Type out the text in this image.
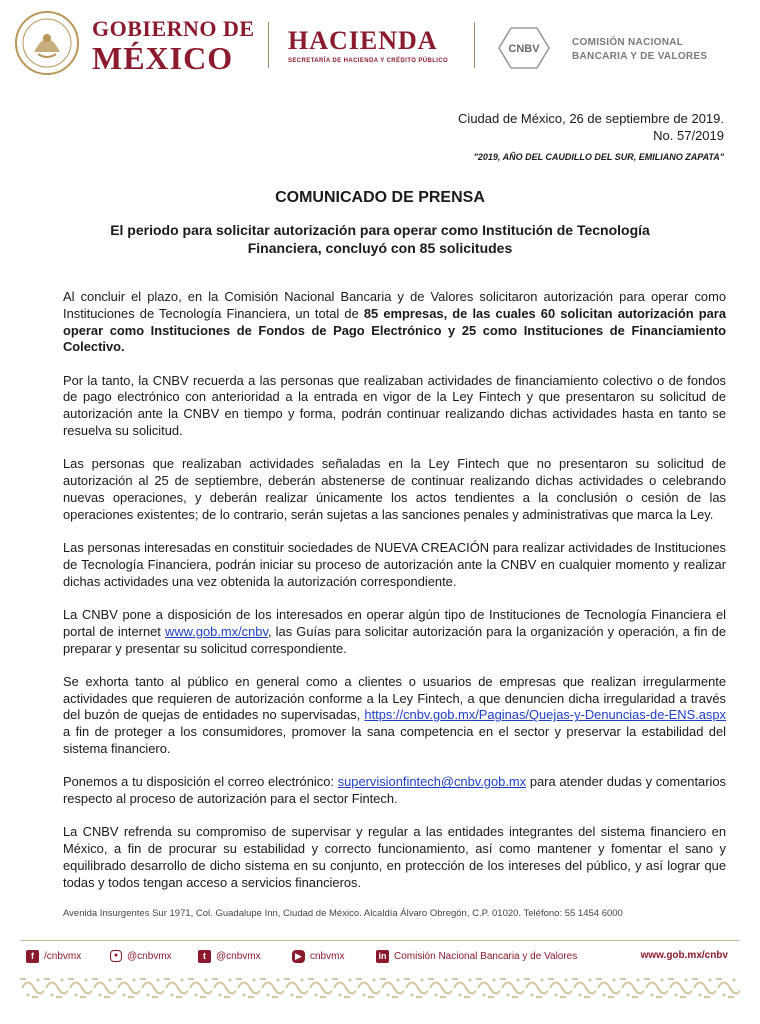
GOBIERNO DE
MÉXICO	HACIENDA
SECRETARÍA DE HACIENDA Y CRÉDITO PÚBLICO
CNBV
COMISIÓN NACIONAL
BANCARIA Y DE VALORES
Ciudad de México, 26 de septiembre de 2019.
No. 57/2019
"2019, AÑO DEL CAUDILLO DEL SUR, EMILIANO ZAPATA"
COMUNICADO DE PRENSA
El periodo para solicitar autorización para operar como Institución de Tecnología Financiera, concluyó con 85 solicitudes

Al concluir el plazo, en la Comisión Nacional Bancaria y de Valores solicitaron autorización para operar como Instituciones de Tecnología Financiera, un total de 85 empresas, de las cuales 60 solicitan autorización para operar como Instituciones de Fondos de Pago Electrónico y 25 como Instituciones de Financiamiento Colectivo.

Por la tanto, la CNBV recuerda a las personas que realizaban actividades de financiamiento colectivo o de fondos de pago electrónico con anterioridad a la entrada en vigor de la Ley Fintech y que presentaron su solicitud de autorización ante la CNBV en tiempo y forma, podrán continuar realizando dichas actividades hasta en tanto se resuelva su solicitud.

Las personas que realizaban actividades señaladas en la Ley Fintech que no presentaron su solicitud de autorización al 25 de septiembre, deberán abstenerse de continuar realizando dichas actividades o celebrando nuevas operaciones, y deberán realizar únicamente los actos tendientes a la conclusión o cesión de las operaciones existentes; de lo contrario, serán sujetas a las sanciones penales y administrativas que marca la Ley.

Las personas interesadas en constituir sociedades de NUEVA CREACIÓN para realizar actividades de Instituciones de Tecnología Financiera, podrán iniciar su proceso de autorización ante la CNBV en cualquier momento y realizar dichas actividades una vez obtenida la autorización correspondiente.

La CNBV pone a disposición de los interesados en operar algún tipo de Instituciones de Tecnología Financiera el portal de internet www.gob.mx/cnbv, las Guías para solicitar autorización para la organización y operación, a fin de preparar y presentar su solicitud correspondiente.

Se exhorta tanto al público en general como a clientes o usuarios de empresas que realizan irregularmente actividades que requieren de autorización conforme a la Ley Fintech, a que denuncien dicha irregularidad a través del buzón de quejas de entidades no supervisadas, https://cnbv.gob.mx/Paginas/Quejas-y-Denuncias-de-ENS.aspx a fin de proteger a los consumidores, promover la sana competencia en el sector y preservar la estabilidad del sistema financiero.

Ponemos a tu disposición el correo electrónico: supervisionfintech@cnbv.gob.mx para atender dudas y comentarios respecto al proceso de autorización para el sector Fintech.

La CNBV refrenda su compromiso de supervisar y regular a las entidades integrantes del sistema financiero en México, a fin de procurar su estabilidad y correcto funcionamiento, así como mantener y fomentar el sano y equilibrado desarrollo de dicho sistema en su conjunto, en protección de los intereses del público, y así lograr que todas y todos tengan acceso a servicios financieros.

Avenida Insurgentes Sur 1971, Col. Guadalupe Inn, Ciudad de México. Alcaldía Álvaro Obregón, C.P. 01020. Teléfono: 55 1454 6000
f	/cnbvmx	● @cnbvmx	t	@cnbvmx	▶ cnbvmx	in Comisión Nacional Bancaria y de Valores	www.gob.mx/cnbv
